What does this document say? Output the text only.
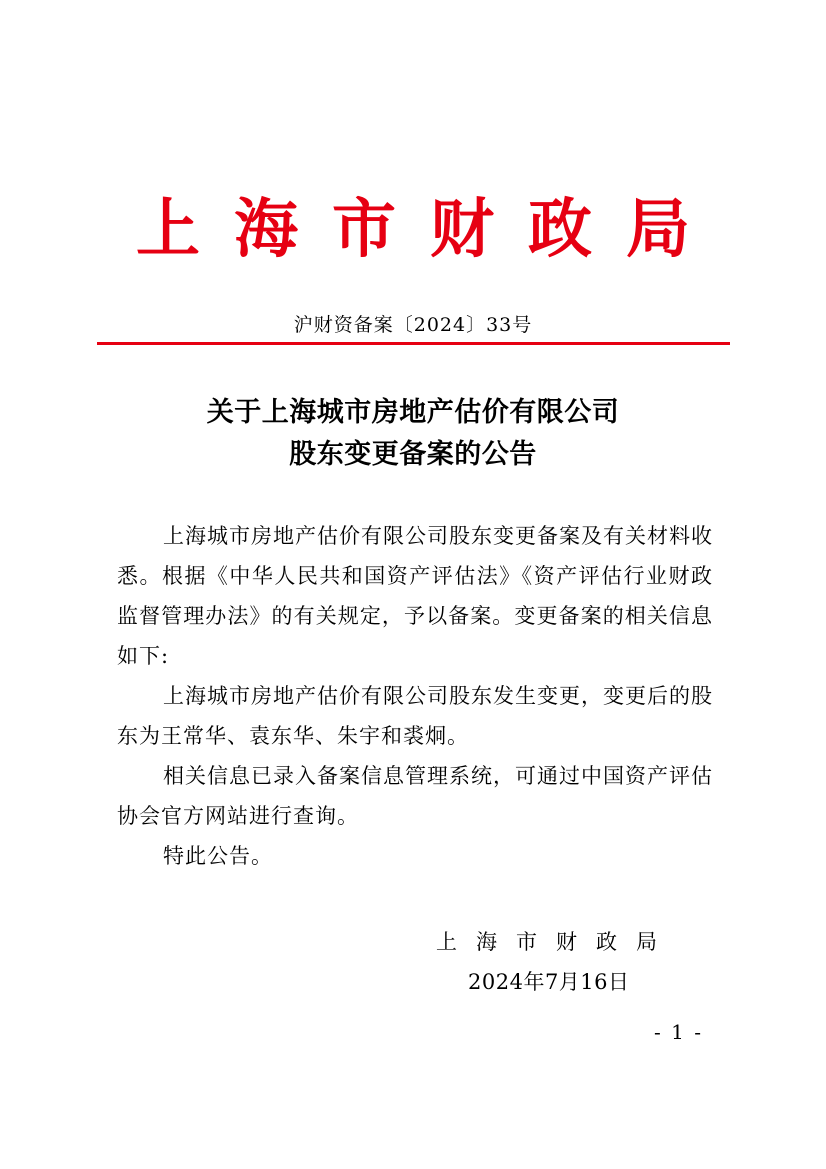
上海市财政局
沪财资备案〔2024〕33号
关于上海城市房地产估价有限公司
股东变更备案的公告

上海城市房地产估价有限公司股东变更备案及有关材料收悉。根据《中华人民共和国资产评估法》《资产评估行业财政监督管理办法》的有关规定，予以备案。变更备案的相关信息如下:

上海城市房地产估价有限公司股东发生变更，变更后的股东为王常华、袁东华、朱宇和裘炯。

相关信息已录入备案信息管理系统，可通过中国资产评估协会官方网站进行查询。

特此公告。

上海市财政局
2024年7月16日
- 1 -
